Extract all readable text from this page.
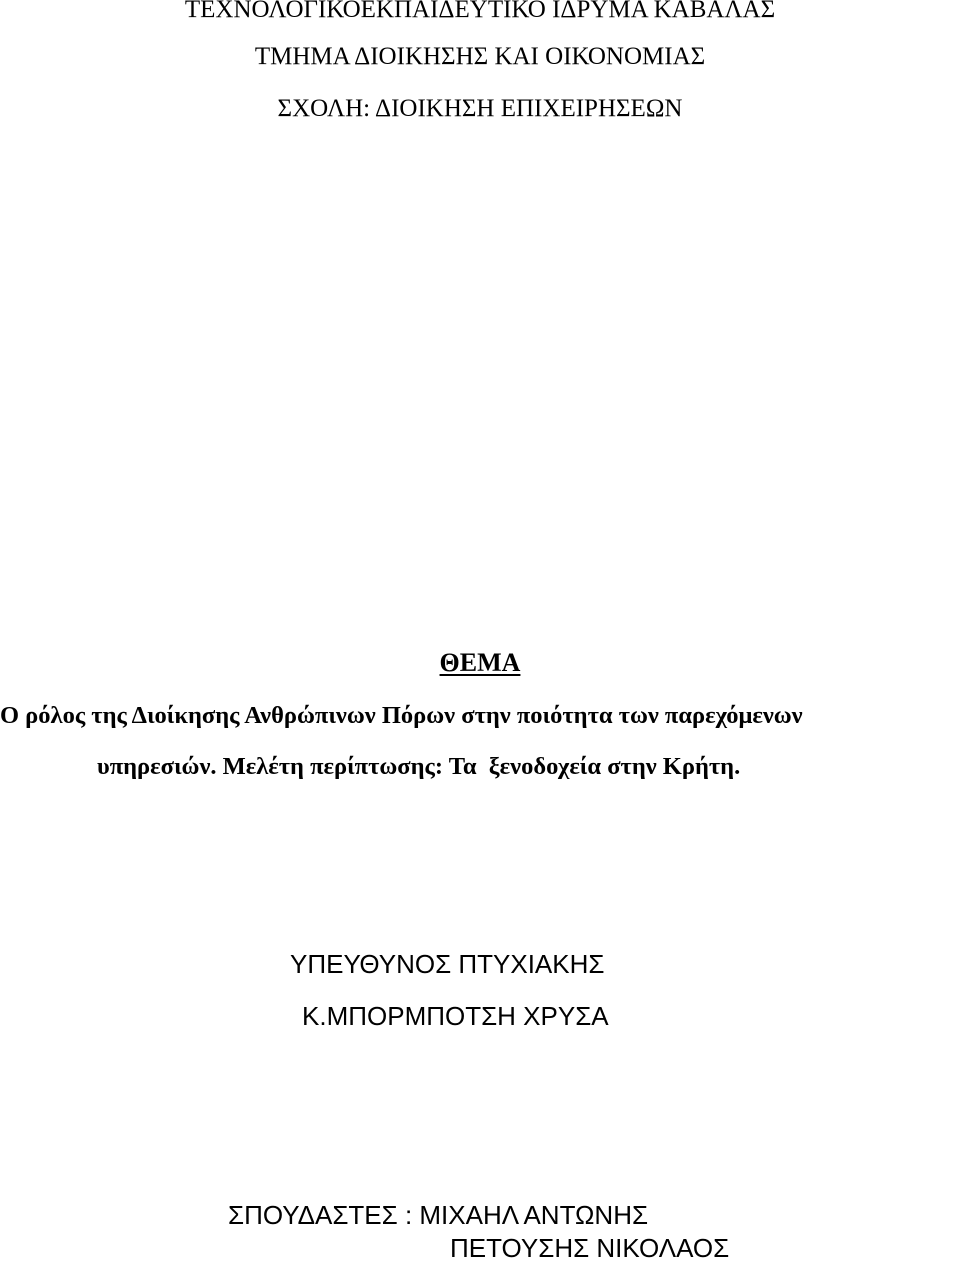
ΤΕΧΝΟΛΟΓΙΚΟΕΚΠΑΙΔΕΥΤΙΚΟ ΙΔΡΥΜΑ ΚΑΒΑΛΑΣ
ΤΜΗΜΑ ΔΙΟΙΚΗΣΗΣ ΚΑΙ ΟΙΚΟΝΟΜΙΑΣ
ΣΧΟΛΗ: ΔΙΟΙΚΗΣΗ ΕΠΙΧΕΙΡΗΣΕΩΝ
ΘΕΜΑ
Ο ρόλος της Διοίκησης Ανθρώπινων Πόρων στην ποιότητα των παρεχόμενων
υπηρεσιών. Μελέτη περίπτωσης: Τα  ξενοδοχεία στην Κρήτη.
ΥΠΕΥΘΥΝΟΣ ΠΤΥΧΙΑΚΗΣ
Κ.ΜΠΟΡΜΠΟΤΣΗ ΧΡΥΣΑ
ΣΠΟΥΔΑΣΤΕΣ : ΜΙΧΑΗΛ ΑΝΤΩΝΗΣ
ΠΕΤΟΥΣΗΣ ΝΙΚΟΛΑΟΣ
